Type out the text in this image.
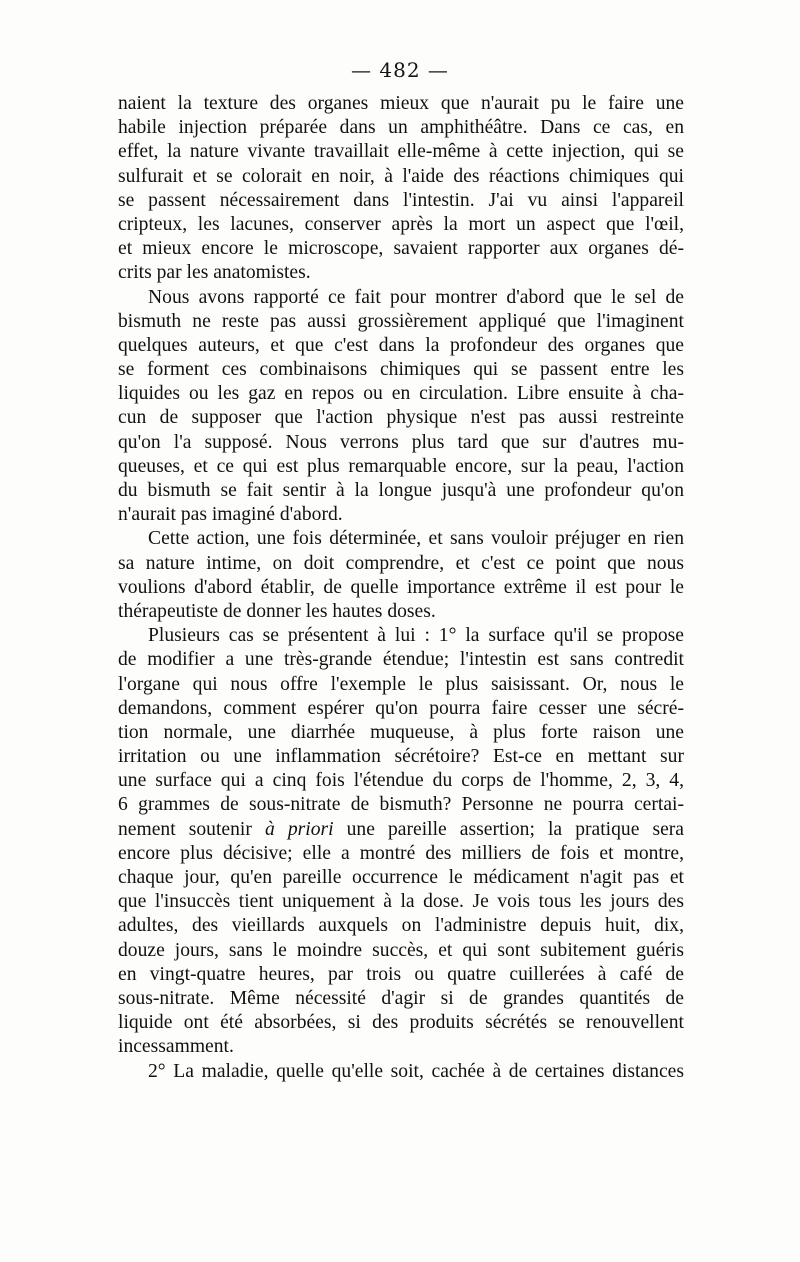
— 482 —
naient la texture des organes mieux que n'aurait pu le faire une
habile injection préparée dans un amphithéâtre. Dans ce cas, en
effet, la nature vivante travaillait elle-même à cette injection, qui se
sulfurait et se colorait en noir, à l'aide des réactions chimiques qui
se passent nécessairement dans l'intestin. J'ai vu ainsi l'appareil
cripteux, les lacunes, conserver après la mort un aspect que l'œil,
et mieux encore le microscope, savaient rapporter aux organes dé-
crits par les anatomistes.
Nous avons rapporté ce fait pour montrer d'abord que le sel de
bismuth ne reste pas aussi grossièrement appliqué que l'imaginent
quelques auteurs, et que c'est dans la profondeur des organes que
se forment ces combinaisons chimiques qui se passent entre les
liquides ou les gaz en repos ou en circulation. Libre ensuite à cha-
cun de supposer que l'action physique n'est pas aussi restreinte
qu'on l'a supposé. Nous verrons plus tard que sur d'autres mu-
queuses, et ce qui est plus remarquable encore, sur la peau, l'action
du bismuth se fait sentir à la longue jusqu'à une profondeur qu'on
n'aurait pas imaginé d'abord.
Cette action, une fois déterminée, et sans vouloir préjuger en rien
sa nature intime, on doit comprendre, et c'est ce point que nous
voulions d'abord établir, de quelle importance extrême il est pour le
thérapeutiste de donner les hautes doses.
Plusieurs cas se présentent à lui : 1° la surface qu'il se propose
de modifier a une très-grande étendue; l'intestin est sans contredit
l'organe qui nous offre l'exemple le plus saisissant. Or, nous le
demandons, comment espérer qu'on pourra faire cesser une sécré-
tion normale, une diarrhée muqueuse, à plus forte raison une
irritation ou une inflammation sécrétoire? Est-ce en mettant sur
une surface qui a cinq fois l'étendue du corps de l'homme, 2, 3, 4,
6 grammes de sous-nitrate de bismuth? Personne ne pourra certai-
nement soutenir à priori une pareille assertion; la pratique sera
encore plus décisive; elle a montré des milliers de fois et montre,
chaque jour, qu'en pareille occurrence le médicament n'agit pas et
que l'insuccès tient uniquement à la dose. Je vois tous les jours des
adultes, des vieillards auxquels on l'administre depuis huit, dix,
douze jours, sans le moindre succès, et qui sont subitement guéris
en vingt-quatre heures, par trois ou quatre cuillerées à café de
sous-nitrate. Même nécessité d'agir si de grandes quantités de
liquide ont été absorbées, si des produits sécrétés se renouvellent
incessamment.
2° La maladie, quelle qu'elle soit, cachée à de certaines distances
